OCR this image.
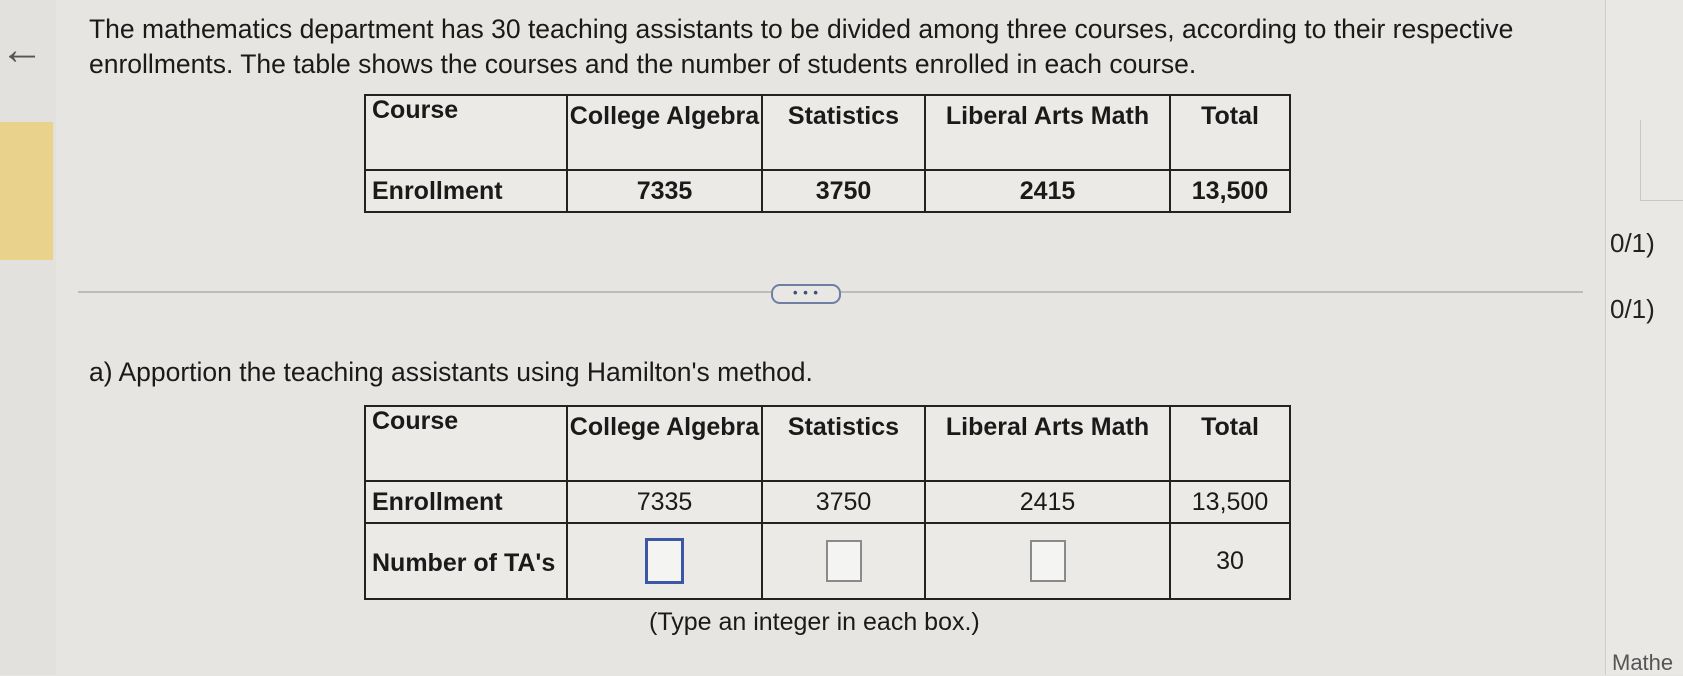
← The mathematics department has 30 teaching assistants to be divided among three courses, according to their respective enrollments. The table shows the courses and the number of students enrolled in each course.
Course	College Algebra	Statistics	Liberal Arts Math	Total
Enrollment	7335	3750	2415	13,500
• • •
a) Apportion the teaching assistants using Hamilton's method.
Course	College Algebra	Statistics	Liberal Arts Math	Total
Enrollment	7335	3750	2415	13,500
Number of TA's				30
(Type an integer in each box.)
0/1)
0/1)
Mathe
